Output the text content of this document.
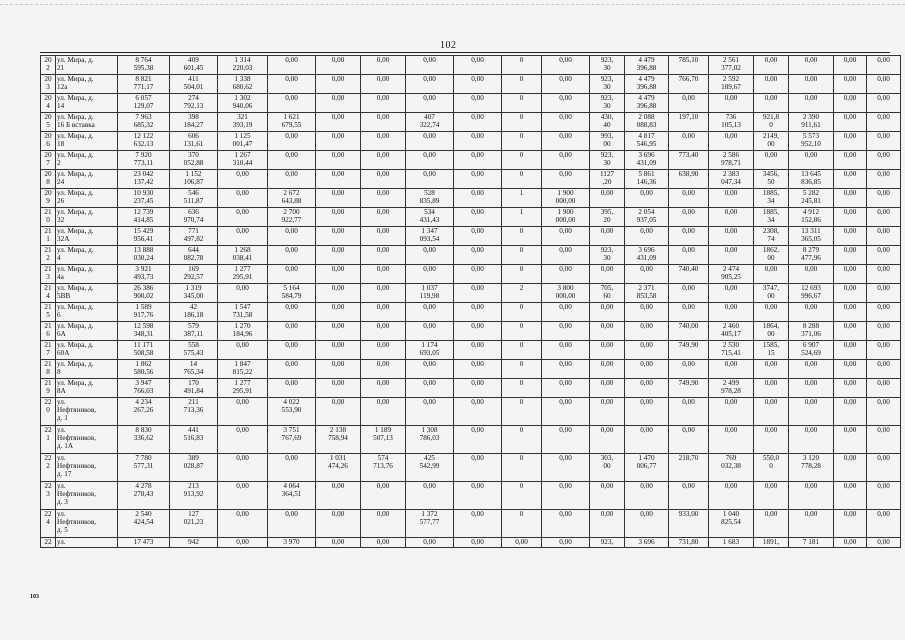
102
20
2	ул. Мира, д.
21	8 764
595,38	409
601,45	1 314
220,03	0,00	0,00	0,00	0,00	0,00	0	0,00	923,
30	4 479
396,88	785,10	2 561
377,02	0,00	0,00	0,00	0,00

20
3	ул. Мира, д.
12а	8 821
771,17	411
504,01	1 338
680,62	0,00	0,00	0,00	0,00	0,00	0	0,00	923,
30	4 479
396,88	766,70	2 592
189,67	0,00	0,00	0,00	0,00

20
4	ул. Мира, д.
14	6 057
129,07	274
792,13	1 302
940,06	0,00	0,00	0,00	0,00	0,00	0	0,00	923,
30	4 479
396,88	0,00	0,00	0,00	0,00	0,00	0,00

20
5	ул. Мира, д.
16 Б вставка	7 963
685,32	398
184,27	321
393,19	1 621
679,55	0,00	0,00	407
322,74	0,00	0	0,00	430,
40	2 088
088,83	197,10	736
105,13	921,8
0	2 390
911,61	0,00	0,00

20
6	ул. Мира, д.
18	12 122
632,13	606
131,61	1 125
001,47	0,00	0,00	0,00	0,00	0,00	0	0,00	993,
00	4 817
546,95	0,00	0,00	2149,
00	5 573
952,10	0,00	0,00

20
7	ул. Мира, д.
2	7 920
773,11	370
052,88	1 267
310,44	0,00	0,00	0,00	0,00	0,00	0	0,00	923,
30	3 696
431,09	773,40	2 586
978,71	0,00	0,00	0,00	0,00

20
8	ул. Мира, д.
24	23 042
137,42	1 152
106,87	0,00	0,00	0,00	0,00	0,00	0,00	0	0,00	1127
,20	5 861
146,36	638,90	2 383
047,34	3456,
50	13 645
836,85	0,00	0,00

20
9	ул. Мира, д.
26	10 930
237,45	546
511,87	0,00	2 672
643,88	0,00	0,00	528
835,89	0,00	1	1 900
000,00	0,00	0,00	0,00	0,00	1885,
34	5 282
245,81	0,00	0,00

21
0	ул. Мира, д.
32	12 739
414,85	636
970,74	0,00	2 700
922,77	0,00	0,00	534
431,43	0,00	1	1 900
000,00	395,
20	2 054
937,05	0,00	0,00	1885,
34	4 912
152,86	0,00	0,00

21
1	ул. Мира, д.
32А	15 429
956,41	771
497,82	0,00	0,00	0,00	0,00	1 347
093,54	0,00	0	0,00	0,00	0,00	0,00	0,00	2308,
74	13 311
365,05	0,00	0,00

21
2	ул. Мира, д.
4	13 888
030,24	644
082,78	1 268
038,41	0,00	0,00	0,00	0,00	0,00	0	0,00	923,
30	3 696
431,09	0,00	0,00	1862,
00	8 279
477,96	0,00	0,00

21
3	ул. Мира, д.
4а	3 921
493,73	169
292,57	1 277
295,91	0,00	0,00	0,00	0,00	0,00	0	0,00	0,00	0,00	740,40	2 474
905,25	0,00	0,00	0,00	0,00

21
4	ул. Мира, д.
5ВВ	26 386
900,02	1 319
345,00	0,00	5 164
584,79	0,00	0,00	1 037
119,98	0,00	2	3 800
000,00	705,
60	2 371
853,58	0,00	0,00	3747,
00	12 693
996,67	0,00	0,00

21
5	ул. Мира, д.
6	1 589
917,76	42
186,18	1 547
731,58	0,00	0,00	0,00	0,00	0,00	0	0,00	0,00	0,00	0,00	0,00	0,00	0,00	0,00	0,00

21
6	ул. Мира, д.
6А	12 598
348,31	579
387,11	1 270
184,96	0,00	0,00	0,00	0,00	0,00	0	0,00	0,00	0,00	740,00	2 460
405,17	1864,
00	8 288
371,06	0,00	0,00

21
7	ул. Мира, д.
60А	11 171
508,58	558
575,43	0,00	0,00	0,00	0,00	1 174
693,05	0,00	0	0,00	0,00	0,00	749,90	2 530
715,41	1585,
15	6 907
524,69	0,00	0,00

21
8	ул. Мира, д.
8	1 862
580,56	14
765,34	1 847
815,22	0,00	0,00	0,00	0,00	0,00	0	0,00	0,00	0,00	0,00	0,00	0,00	0,00	0,00	0,00

21
9	ул. Мира, д.
8А	3 947
766,03	170
491,84	1 277
295,91	0,00	0,00	0,00	0,00	0,00	0	0,00	0,00	0,00	749,90	2 499
978,28	0,00	0,00	0,00	0,00

22
0	ул.
Нефтяников,
д. 1	4 234
267,26	211
713,36	0,00	4 022
553,90	0,00	0,00	0,00	0,00	0	0,00	0,00	0,00	0,00	0,00	0,00	0,00	0,00	0,00

22
1	ул.
Нефтяников,
д. 1А	8 830
336,62	441
516,83	0,00	3 751
767,69	2 138
758,94	1 189
507,13	1 308
786,03	0,00	0	0,00	0,00	0,00	0,00	0,00	0,00	0,00	0,00	0,00

22
2	ул.
Нефтяников,
д. 17	7 780
577,31	389
028,87	0,00	0,00	1 031
474,26	574
713,76	425
542,99	0,00	0	0,00	303,
00	1 470
006,77	218,70	769
032,38	550,0
0	3 120
778,28	0,00	0,00

22
3	ул.
Нефтяников,
д. 3	4 278
278,43	213
913,92	0,00	4 064
364,51	0,00	0,00	0,00	0,00	0	0,00	0,00	0,00	0,00	0,00	0,00	0,00	0,00	0,00

22
4	ул.
Нефтяников,
д. 5	2 540
424,54	127
021,23	0,00	0,00	0,00	0,00	1 372
577,77	0,00	0	0,00	0,00	0,00	933,00	1 040
825,54	0,00	0,00	0,00	0,00

22	ул.	17 473	942	0,00	3 970	0,00	0,00	0,00	0,00	0,00	0,00	923,	3 696	731,80	1 683	1891,	7 181	0,00	0,00
103
